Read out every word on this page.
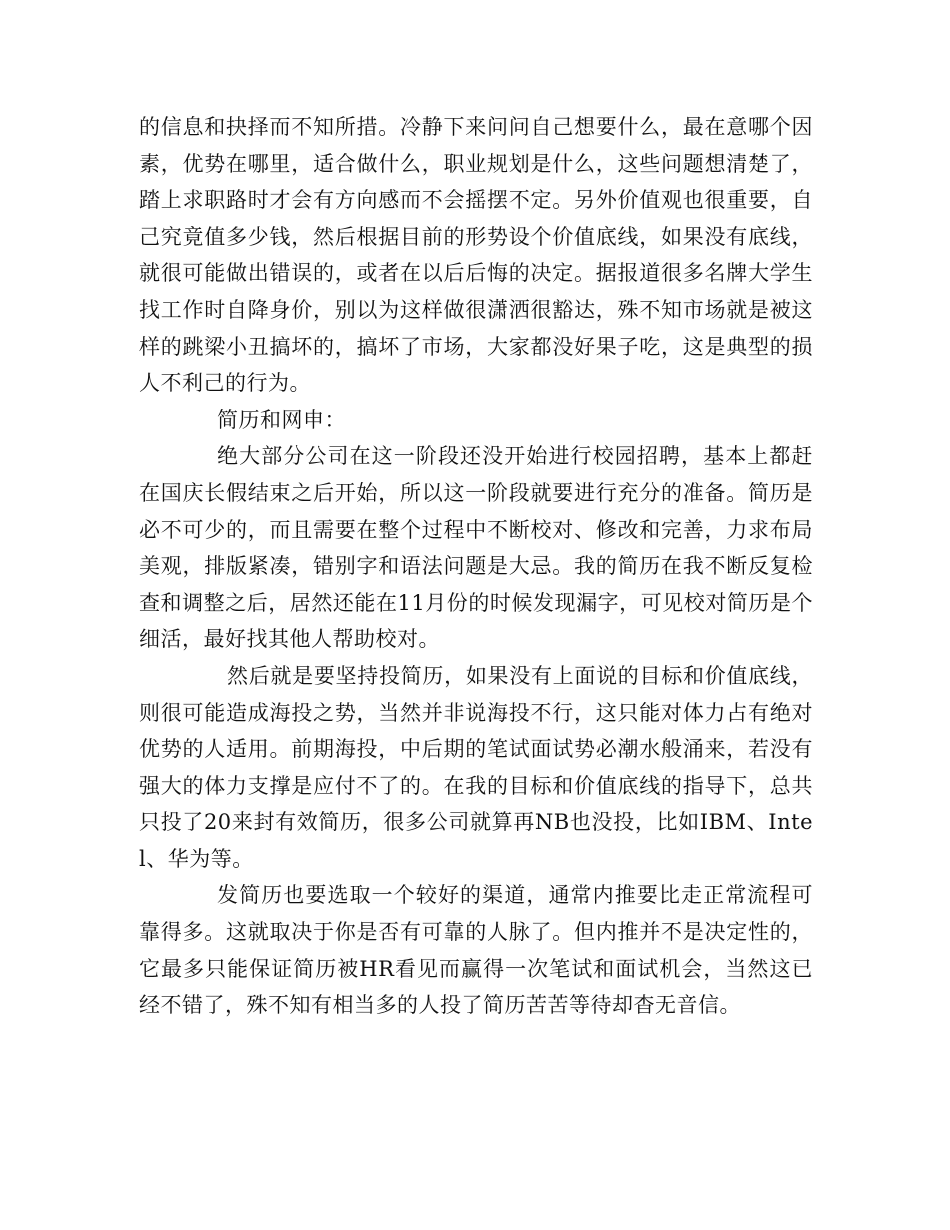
的信息和抉择而不知所措。冷静下来问问自己想要什么，最在意哪个因素，优势在哪里，适合做什么，职业规划是什么，这些问题想清楚了，踏上求职路时才会有方向感而不会摇摆不定。另外价值观也很重要，自己究竟值多少钱，然后根据目前的形势设个价值底线，如果没有底线，就很可能做出错误的，或者在以后后悔的决定。据报道很多名牌大学生找工作时自降身价，别以为这样做很潇洒很豁达，殊不知市场就是被这样的跳梁小丑搞坏的，搞坏了市场，大家都没好果子吃，这是典型的损人不利己的行为。

简历和网申：

绝大部分公司在这一阶段还没开始进行校园招聘，基本上都赶在国庆长假结束之后开始，所以这一阶段就要进行充分的准备。简历是必不可少的，而且需要在整个过程中不断校对、修改和完善，力求布局美观，排版紧凑，错别字和语法问题是大忌。我的简历在我不断反复检查和调整之后，居然还能在11月份的时候发现漏字，可见校对简历是个细活，最好找其他人帮助校对。

然后就是要坚持投简历，如果没有上面说的目标和价值底线，则很可能造成海投之势，当然并非说海投不行，这只能对体力占有绝对优势的人适用。前期海投，中后期的笔试面试势必潮水般涌来，若没有强大的体力支撑是应付不了的。在我的目标和价值底线的指导下，总共只投了20来封有效简历，很多公司就算再NB也没投，比如IBM、Intel、华为等。

发简历也要选取一个较好的渠道，通常内推要比走正常流程可靠得多。这就取决于你是否有可靠的人脉了。但内推并不是决定性的，它最多只能保证简历被HR看见而赢得一次笔试和面试机会，当然这已经不错了，殊不知有相当多的人投了简历苦苦等待却杳无音信。
